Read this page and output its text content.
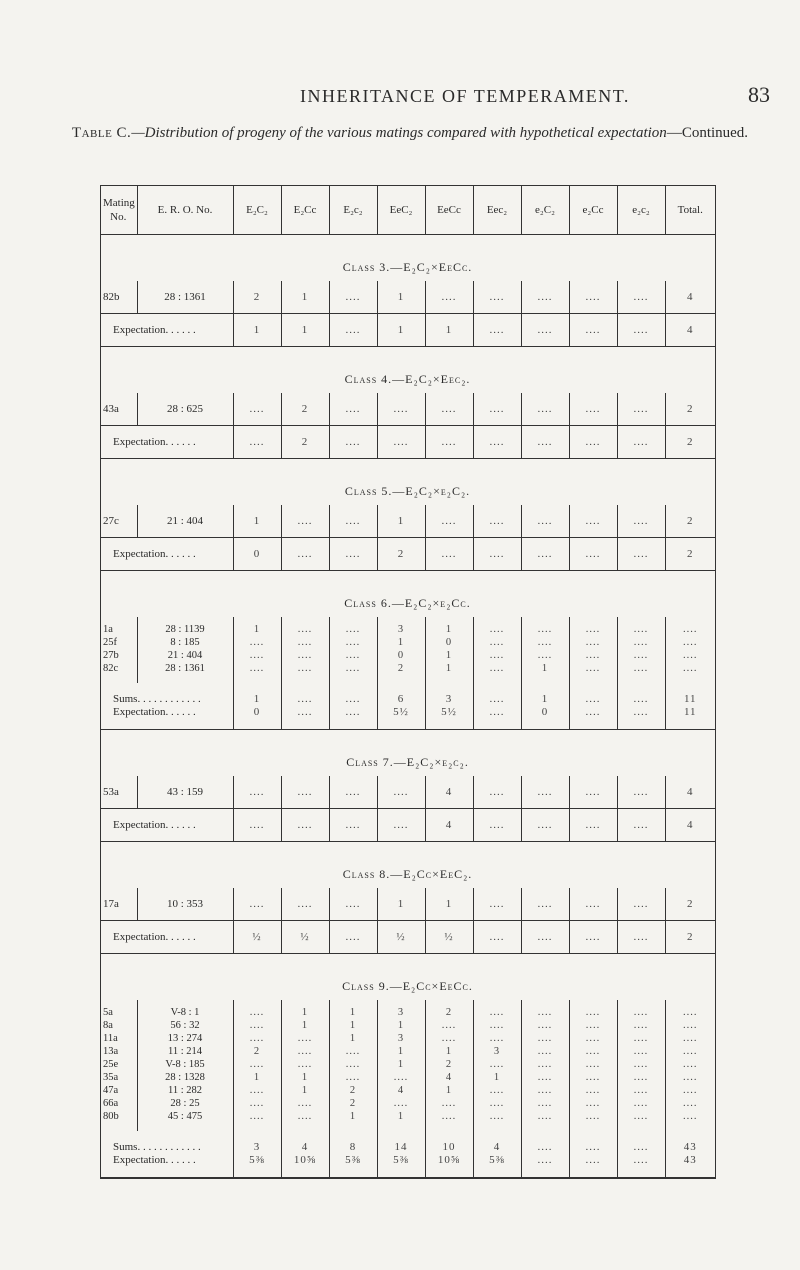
INHERITANCE OF TEMPERAMENT.	83
Table C.—Distribution of progeny of the various matings compared with hypothetical expectation—Continued.
Mating No.	E. R. O. No.	E₂C₂	E₂Cc	E₂c₂	EeC₂	EeCc	Eec₂	e₂C₂	e₂Cc	e₂c₂	Total.
Class 3.—E₂C₂×EeCc.											
82b	28 : 1361	2	1	....	1	....	....	....	....	....	4
Expectation. . . . . .		1	1	....	1	1	....	....	....	....	4
Class 4.—E₂C₂×Eec₂.											
43a	28 : 625	....	2	....	....	....	....	....	....	....	2
Expectation. . . . . .		....	2	....	....	....	....	....	....	....	2
Class 5.—E₂C₂×e₂C₂.											
27c	21 : 404	1	....	....	1	....	....	....	....	....	2
Expectation. . . . . .		0	....	....	2	....	....	....	....	....	2
Class 6.—E₂C₂×e₂Cc.											
1a	28 : 1139	1	....	....	3	1	....	....	....	....	....
25f	8 : 185	....	....	....	1	0	....	....	....	....	....
27b	21 : 404	....	....	....	0	1	....	....	....	....	....
82c	28 : 1361	....	....	....	2	1	....	1	....	....	....
Sums. . . . . . . . . . . .		1	....	....	6	3	....	1	....	....	11
Expectation. . . . . .		0	....	....	5½	5½	....	0	....	....	11
Class 7.—E₂C₂×e₂c₂.											
53a	43 : 159	....	....	....	....	4	....	....	....	....	4
Expectation. . . . . .		....	....	....	....	4	....	....	....	....	4
Class 8.—E₂Cc×EeC₂.											
17a	10 : 353	....	....	....	1	1	....	....	....	....	2
Expectation. . . . . .		½	½	....	½	½	....	....	....	....	2
Class 9.—E₂Cc×EeCc.											
5a	V-8 : 1	....	1	1	3	2	....	....	....	....	....
8a	56 : 32	....	1	1	1	....	....	....	....	....	....
11a	13 : 274	....	....	1	3	....	....	....	....	....	....
13a	11 : 214	2	....	....	1	1	3	....	....	....	....
25e	V-8 : 185	....	....	....	1	2	....	....	....	....	....
35a	28 : 1328	1	1	....	....	4	1	....	....	....	....
47a	11 : 282	....	1	2	4	1	....	....	....	....	....
66a	28 : 25	....	....	2	....	....	....	....	....	....	....
80b	45 : 475	....	....	1	1	....	....	....	....	....	....
Sums. . . . . . . . . . . .		3	4	8	14	10	4	....	....	....	43
Expectation. . . . . .		5⅜	10⅝	5⅜	5⅜	10⅝	5⅜	....	....	....	43
